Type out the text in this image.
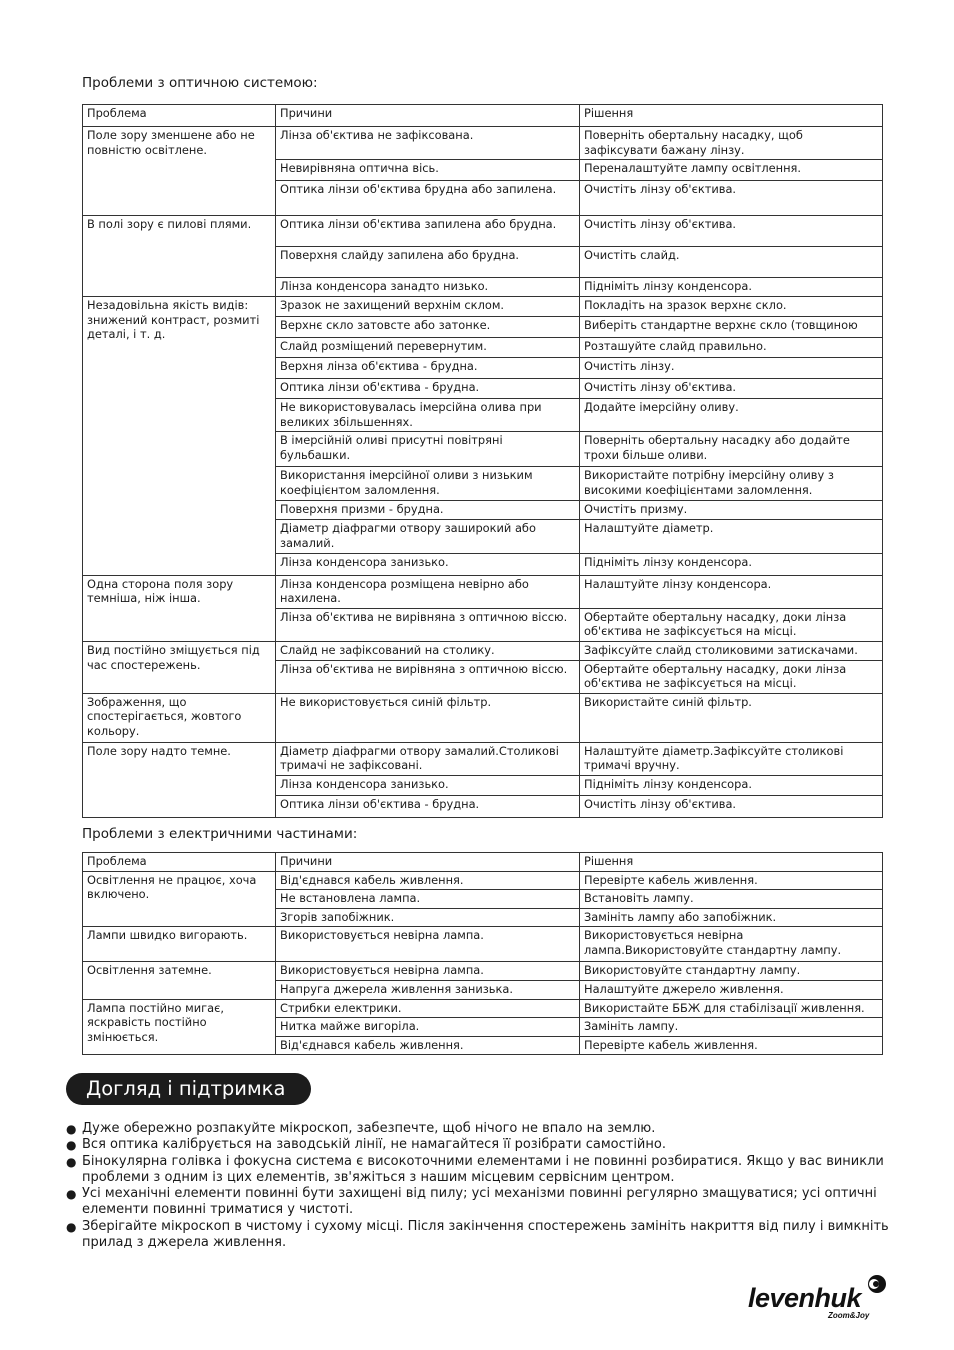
Проблеми з оптичною системою:
Проблема	Причини	Рішення
Поле зору зменшене або не повністю освітлене.	Лінза об'єктива не зафіксована.	Поверніть обертальну насадку, щоб зафіксувати бажану лінзу.
	Невирівняна оптична вісь.	Переналаштуйте лампу освітлення.
	Оптика лінзи об'єктива брудна або запилена.	Очистіть лінзу об'єктива.
В полі зору є пилові плями.	Оптика лінзи об'єктива запилена або брудна.	Очистіть лінзу об'єктива.
	Поверхня слайду запилена або брудна.	Очистіть слайд.
	Лінза конденсора занадто низько.	Підніміть лінзу конденсора.
Незадовільна якість видів: знижений контраст, розмиті деталі, і т. д.	Зразок не захищений верхнім склом.	Покладіть на зразок верхнє скло.
	Верхнє скло затовсте або затонке.	Виберіть стандартне верхнє скло (товщиною
	Слайд розміщений перевернутим.	Розташуйте слайд правильно.
	Верхня лінза об'єктива - брудна.	Очистіть лінзу.
	Оптика лінзи об'єктива - брудна.	Очистіть лінзу об'єктива.
	Не використовувалась імерсійна олива при великих збільшеннях.	Додайте імерсійну оливу.
	В імерсійній оливі присутні повітряні бульбашки.	Поверніть обертальну насадку або додайте трохи більше оливи.
	Використання імерсійної оливи з низьким коефіцієнтом заломлення.	Використайте потрібну імерсійну оливу з високими коефіцієнтами заломлення.
	Поверхня призми - брудна.	Очистіть призму.
	Діаметр діафрагми отвору заширокий або замалий.	Налаштуйте діаметр.
	Лінза конденсора занизько.	Підніміть лінзу конденсора.
Одна сторона поля зору темніша, ніж інша.	Лінза конденсора розміщена невірно або нахилена.	Налаштуйте лінзу конденсора.
	Лінза об'єктива не вирівняна з оптичною віссю.	Обертайте обертальну насадку, доки лінза об'єктива не зафіксується на місці.
Вид постійно зміщується під час спостережень.	Слайд не зафіксований на столику.	Зафіксуйте слайд столиковими затискачами.
	Лінза об'єктива не вирівняна з оптичною віссю.	Обертайте обертальну насадку, доки лінза об'єктива не зафіксується на місці.
Зображення, що спостерігається, жовтого кольору.	Не використовується синій фільтр.	Використайте синій фільтр.
Поле зору надто темне.	Діаметр діафрагми отвору замалий.Столикові тримачі не зафіксовані.	Налаштуйте діаметр.Зафіксуйте столикові тримачі вручну.
	Лінза конденсора занизько.	Підніміть лінзу конденсора.
	Оптика лінзи об'єктива - брудна.	Очистіть лінзу об'єктива.
Проблеми з електричними частинами:
Проблема	Причини	Рішення
Освітлення не працює, хоча включено.	Від'єднався кабель живлення.	Перевірте кабель живлення.
	Не встановлена лампа.	Встановіть лампу.
	Згорів запобіжник.	Замініть лампу або запобіжник.
Лампи швидко вигорають.	Використовується невірна лампа.	Використовується невірна лампа.Використовуйте стандартну лампу.
Освітлення затемне.	Використовується невірна лампа.	Використовуйте стандартну лампу.
	Напруга джерела живлення занизька.	Налаштуйте джерело живлення.
Лампа постійно мигає, яскравість постійно змінюється.	Стрибки електрики.	Використайте ББЖ для стабілізації живлення.
	Нитка майже вигоріла.	Замініть лампу.
	Від'єднався кабель живлення.	Перевірте кабель живлення.
Догляд і підтримка
● Дуже обережно розпакуйте мікроскоп, забезпечте, щоб нічого не впало на землю.
● Вся оптика калібрується на заводській лінії, не намагайтеся її розібрати самостійно.
● Бінокулярна голівка і фокусна система є високоточними елементами і не повинні розбиратися. Якщо у вас виникли проблеми з одним із цих елементів, зв'яжіться з нашим місцевим сервісним центром.
● Усі механічні елементи повинні бути захищені від пилу; усі механізми повинні регулярно змащуватися; усі оптичні елементи повинні триматися у чистоті.
● Зберігайте мікроскоп в чистому і сухому місці. Після закінчення спостережень замініть накриття від пилу і вимкніть прилад з джерела живлення.
levenhuk
Zoom&Joy
